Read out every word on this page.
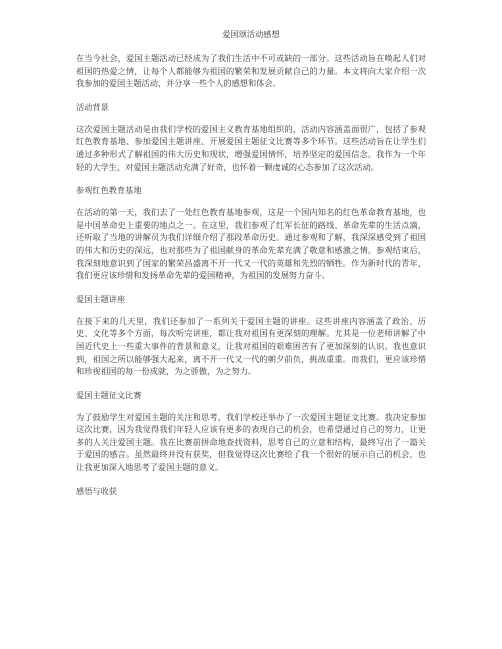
爱国颂活动感想

在当今社会，爱国主题活动已经成为了我们生活中不可或缺的一部分。这些活动旨在唤起人们对祖国的热爱之情，让每个人都能够为祖国的繁荣和发展贡献自己的力量。本文将向大家介绍一次我参加的爱国主题活动，并分享一些个人的感想和体会。

活动背景

这次爱国主题活动是由我们学校的爱国主义教育基地组织的，活动内容涵盖面很广，包括了参观红色教育基地、参加爱国主题讲座、开展爱国主题征文比赛等多个环节。这些活动旨在让学生们通过多种形式了解祖国的伟大历史和现状，增强爱国情怀，培养坚定的爱国信念。我作为一个年轻的大学生，对爱国主题活动充满了好奇，也怀着一颗虔诚的心态参加了这次活动。

参观红色教育基地

在活动的第一天，我们去了一处红色教育基地参观，这是一个国内知名的红色革命教育基地，也是中国革命史上重要的地点之一。在这里，我们参观了红军长征的路线、革命先辈的生活点滴，还听取了当地的讲解员为我们详细介绍了那段革命历史。通过参观和了解，我深深感受到了祖国的伟大和历史的深远，也对那些为了祖国献身的革命先辈充满了敬意和感激之情。参观结束后，我深刻地意识到了国家的繁荣昌盛离不开一代又一代的英雄和先烈的牺牲。作为新时代的青年，我们更应该珍惜和发扬革命先辈的爱国精神，为祖国的发展努力奋斗。

爱国主题讲座

在接下来的几天里，我们还参加了一系列关于爱国主题的讲座。这些讲座内容涵盖了政治、历史、文化等多个方面，每次听完讲座，都让我对祖国有更深刻的理解。尤其是一位老师讲解了中国近代史上一些重大事件的背景和意义，让我对祖国的艰难困苦有了更加深刻的认识。我也意识到，祖国之所以能够强大起来，离不开一代又一代的朝夕前负，挑战重重。而我们，更应该珍惜和珍视祖国的每一份成就，为之骄傲，为之努力。

爱国主题征文比赛

为了鼓励学生对爱国主题的关注和思考，我们学校还举办了一次爱国主题征文比赛。我决定参加这次比赛，因为我觉得我们年轻人应该有更多的表现自己的机会，也希望通过自己的努力，让更多的人关注爱国主题。我在比赛前拼命地查找资料，思考自己的立意和结构，最终写出了一篇关于爱国的感言。虽然最终并没有获奖，但我觉得这次比赛给了我一个很好的展示自己的机会，也让我更加深入地思考了爱国主题的意义。

感悟与收获
